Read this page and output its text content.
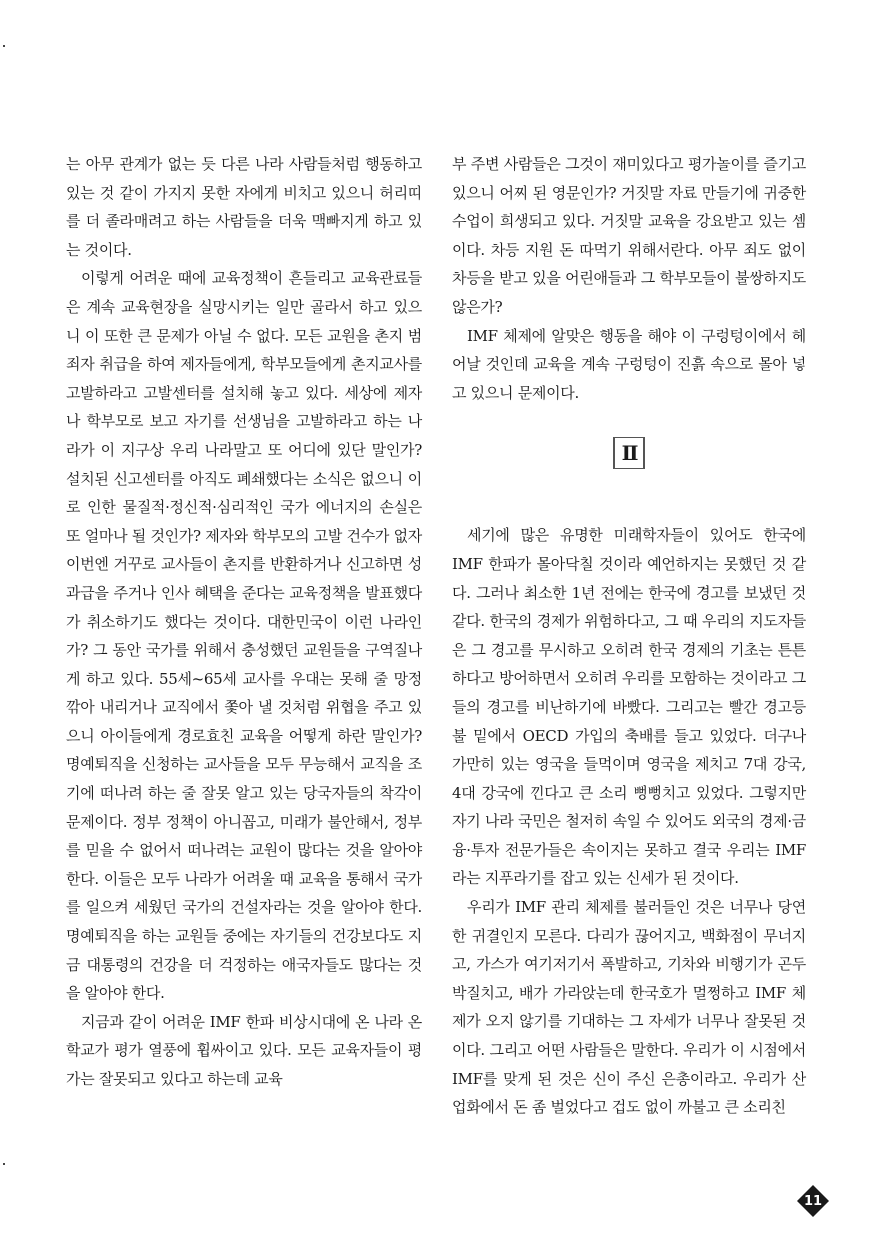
는 아무 관계가 없는 듯 다른 나라 사람들처럼 행동하고 있는 것 같이 가지지 못한 자에게 비치고 있으니 허리띠를 더 졸라매려고 하는 사람들을 더욱 맥빠지게 하고 있는 것이다.

이렇게 어려운 때에 교육정책이 흔들리고 교육관료들은 계속 교육현장을 실망시키는 일만 골라서 하고 있으니 이 또한 큰 문제가 아닐 수 없다. 모든 교원을 촌지 범죄자 취급을 하여 제자들에게, 학부모들에게 촌지교사를 고발하라고 고발센터를 설치해 놓고 있다. 세상에 제자나 학부모로 보고 자기를 선생님을 고발하라고 하는 나라가 이 지구상 우리 나라말고 또 어디에 있단 말인가? 설치된 신고센터를 아직도 폐쇄했다는 소식은 없으니 이로 인한 물질적·정신적·심리적인 국가 에너지의 손실은 또 얼마나 될 것인가? 제자와 학부모의 고발 건수가 없자 이번엔 거꾸로 교사들이 촌지를 반환하거나 신고하면 성과급을 주거나 인사 혜택을 준다는 교육정책을 발표했다가 취소하기도 했다는 것이다. 대한민국이 이런 나라인가? 그 동안 국가를 위해서 충성했던 교원들을 구역질나게 하고 있다. 55세~65세 교사를 우대는 못해 줄 망정 깎아 내리거나 교직에서 쫓아 낼 것처럼 위협을 주고 있으니 아이들에게 경로효친 교육을 어떻게 하란 말인가? 명예퇴직을 신청하는 교사들을 모두 무능해서 교직을 조기에 떠나려 하는 줄 잘못 알고 있는 당국자들의 착각이 문제이다. 정부 정책이 아니꼽고, 미래가 불안해서, 정부를 믿을 수 없어서 떠나려는 교원이 많다는 것을 알아야 한다. 이들은 모두 나라가 어려울 때 교육을 통해서 국가를 일으켜 세웠던 국가의 건설자라는 것을 알아야 한다. 명예퇴직을 하는 교원들 중에는 자기들의 건강보다도 지금 대통령의 건강을 더 걱정하는 애국자들도 많다는 것을 알아야 한다.

지금과 같이 어려운 IMF 한파 비상시대에 온 나라 온 학교가 평가 열풍에 휩싸이고 있다. 모든 교육자들이 평가는 잘못되고 있다고 하는데 교육

부 주변 사람들은 그것이 재미있다고 평가놀이를 즐기고 있으니 어찌 된 영문인가? 거짓말 자료 만들기에 귀중한 수업이 희생되고 있다. 거짓말 교육을 강요받고 있는 셈이다. 차등 지원 돈 따먹기 위해서란다. 아무 죄도 없이 차등을 받고 있을 어린애들과 그 학부모들이 불쌍하지도 않은가?

IMF 체제에 알맞은 행동을 해야 이 구렁텅이에서 헤어날 것인데 교육을 계속 구렁텅이 진흙 속으로 몰아 넣고 있으니 문제이다.

Ⅱ

세기에 많은 유명한 미래학자들이 있어도 한국에 IMF 한파가 몰아닥칠 것이라 예언하지는 못했던 것 같다. 그러나 최소한 1년 전에는 한국에 경고를 보냈던 것 같다. 한국의 경제가 위험하다고, 그 때 우리의 지도자들은 그 경고를 무시하고 오히려 한국 경제의 기초는 튼튼하다고 방어하면서 오히려 우리를 모함하는 것이라고 그들의 경고를 비난하기에 바빴다. 그리고는 빨간 경고등 불 밑에서 OECD 가입의 축배를 들고 있었다. 더구나 가만히 있는 영국을 들먹이며 영국을 제치고 7대 강국, 4대 강국에 낀다고 큰 소리 뻥뻥치고 있었다. 그렇지만 자기 나라 국민은 철저히 속일 수 있어도 외국의 경제·금융·투자 전문가들은 속이지는 못하고 결국 우리는 IMF라는 지푸라기를 잡고 있는 신세가 된 것이다.

우리가 IMF 관리 체제를 불러들인 것은 너무나 당연한 귀결인지 모른다. 다리가 끊어지고, 백화점이 무너지고, 가스가 여기저기서 폭발하고, 기차와 비행기가 곤두박질치고, 배가 가라앉는데 한국호가 멀쩡하고 IMF 체제가 오지 않기를 기대하는 그 자세가 너무나 잘못된 것이다. 그리고 어떤 사람들은 말한다. 우리가 이 시점에서 IMF를 맞게 된 것은 신이 주신 은총이라고. 우리가 산업화에서 돈 좀 벌었다고 겁도 없이 까불고 큰 소리친

11
